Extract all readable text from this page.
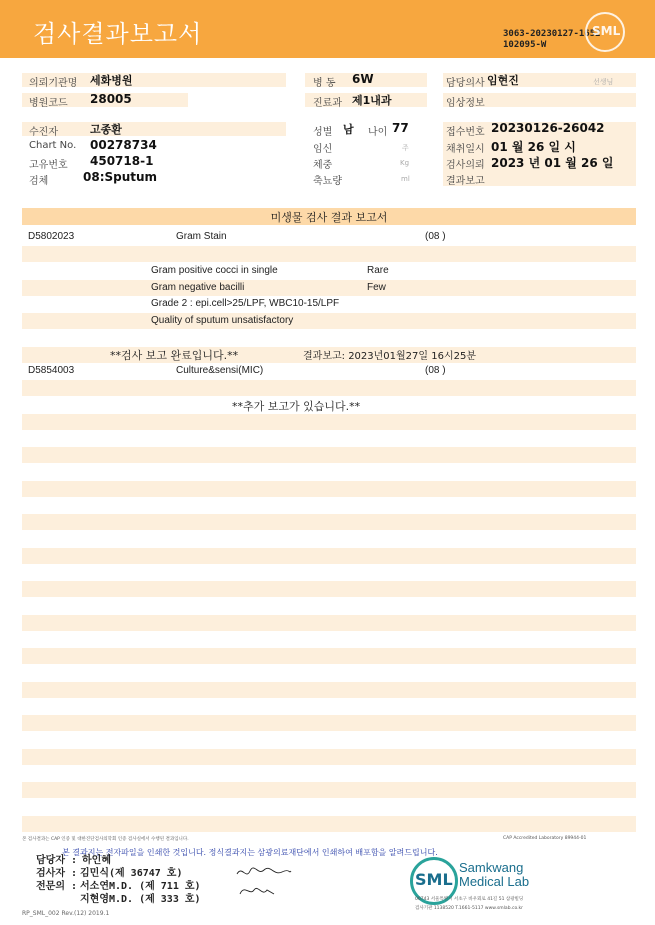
검사결과보고서	3063-20230127-1652
102095-W
SML
의뢰기관명 세화병원
병원코드 28005
병 동 6W
진료과 제1내과
담당의사 임현진	선생님
임상정보
수진자	고종환
Chart No. 00278734
고유번호 450718-1
검체	08:Sputum
성별 남 나이 77
임신	주
체중	Kg
축뇨량	ml
접수번호 20230126-26042
채취일시 01 월 26 일 시
검사의뢰 2023 년 01 월 26 일
결과보고
미생물 검사 결과 보고서
D5802023	Gram Stain	(08 )
Gram positive cocci in single	Rare
Gram negative bacilli	Few
Grade 2 : epi.cell>25/LPF, WBC10-15/LPF
Quality of sputum unsatisfactory
**검사 보고 완료입니다.**	결과보고: 2023년01월27일 16시25분
D5854003	Culture&sensi(MIC)	(08 )
**추가 보고가 있습니다.**
본 검사결과는 CAP 인증 및 대한진단검사의학회 인증 검사실에서 수행된 결과입니다.	CAP Accredited Laboratory 89944-01
본 결과지는 전자파일을 인쇄한 것입니다. 정식결과지는 삼광의료재단에서 인쇄하여 배포함을 알려드립니다.
담당자 : 하인혜
검사자 : 김민식(제 36747 호)
전문의 : 서소연M.D. (제 711 호)
지현영M.D. (제 333 호)
SML
Samkwang
Medical Lab
06743 서울특별시 서초구 바우뫼로 41길 51 삼광빌딩
검사기관 1138520 T.1661-5117 www.smlab.co.kr
RP_SML_002 Rev.(12) 2019.1
